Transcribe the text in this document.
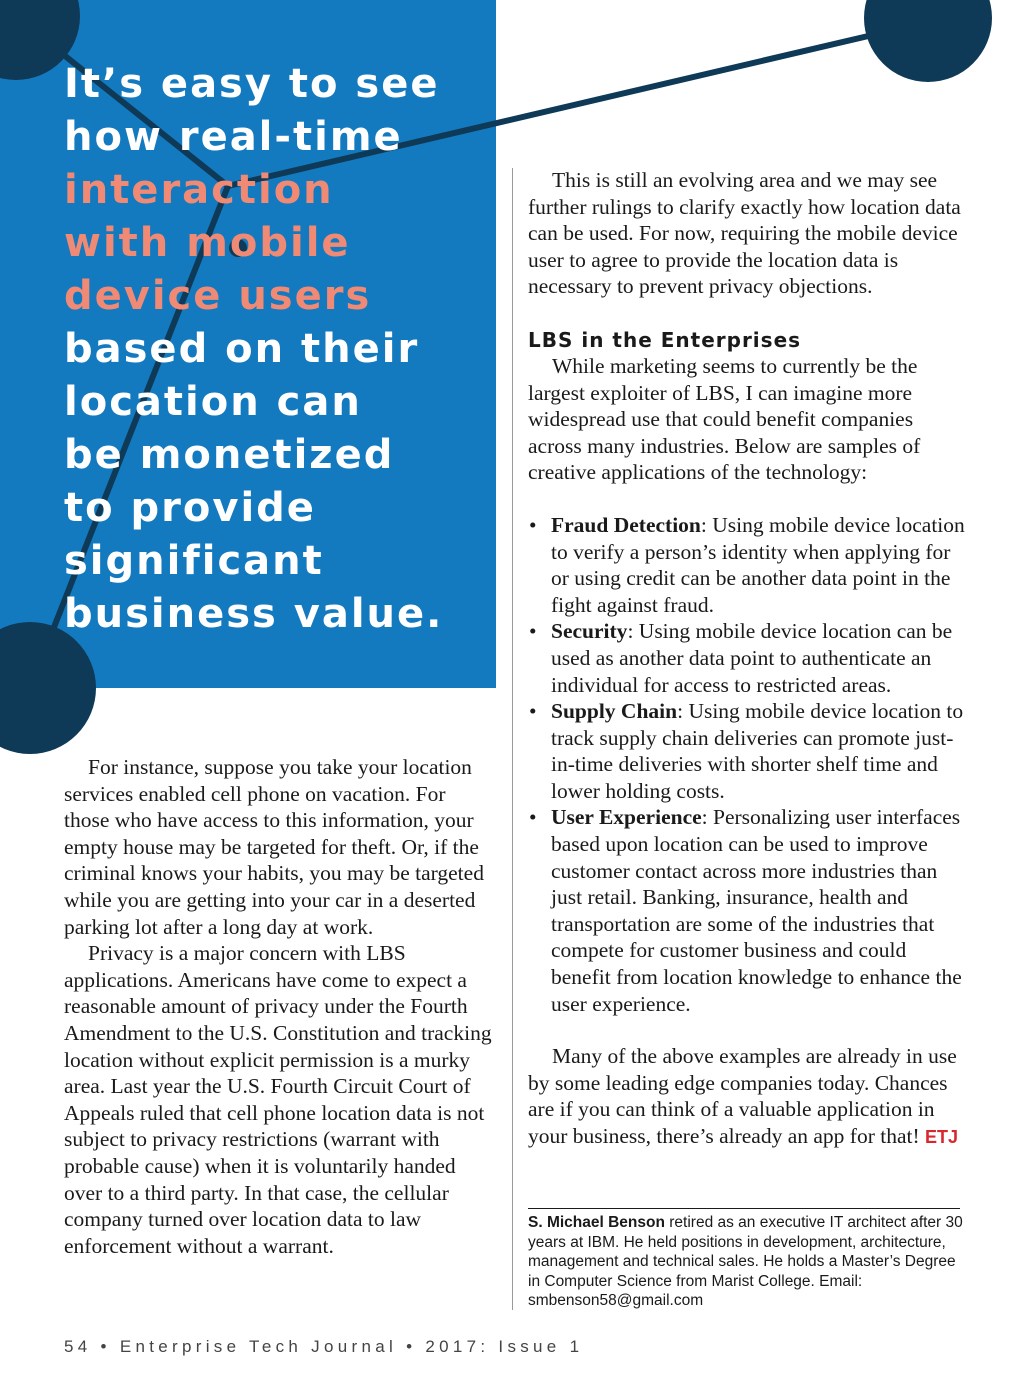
It’s easy to see
how real-time
interaction
with mobile
device users
based on their
location can
be monetized
to provide
significant
business value.

For instance, suppose you take your location services enabled cell phone on vacation. For those who have access to this information, your empty house may be targeted for theft. Or, if the criminal knows your habits, you may be targeted while you are getting into your car in a deserted parking lot after a long day at work.

Privacy is a major concern with LBS applications. Americans have come to expect a reasonable amount of privacy under the Fourth Amendment to the U.S. Constitution and tracking location without explicit permission is a murky area. Last year the U.S. Fourth Circuit Court of Appeals ruled that cell phone location data is not subject to privacy restrictions (warrant with probable cause) when it is voluntarily handed over to a third party. In that case, the cellular company turned over location data to law enforcement without a warrant.

This is still an evolving area and we may see further rulings to clarify exactly how location data can be used. For now, requiring the mobile device user to agree to provide the location data is necessary to prevent privacy objections.

LBS in the Enterprises

While marketing seems to currently be the largest exploiter of LBS, I can imagine more widespread use that could benefit companies across many industries. Below are samples of creative applications of the technology:

• Fraud Detection: Using mobile device location to verify a person’s identity when applying for or using credit can be another data point in the fight against fraud.
• Security: Using mobile device location can be used as another data point to authenticate an individual for access to restricted areas.
• Supply Chain: Using mobile device location to track supply chain deliveries can promote just-in-time deliveries with shorter shelf time and lower holding costs.
• User Experience: Personalizing user interfaces based upon location can be used to improve customer contact across more industries than just retail. Banking, insurance, health and transportation are some of the industries that compete for customer business and could benefit from location knowledge to enhance the user experience.

Many of the above examples are already in use by some leading edge companies today. Chances are if you can think of a valuable application in your business, there’s already an app for that! ETJ

S. Michael Benson retired as an executive IT architect after 30 years at IBM. He held positions in development, architecture, management and technical sales. He holds a Master’s Degree in Computer Science from Marist College. Email: smbenson58@gmail.com

54 • Enterprise Tech Journal • 2017: Issue 1
